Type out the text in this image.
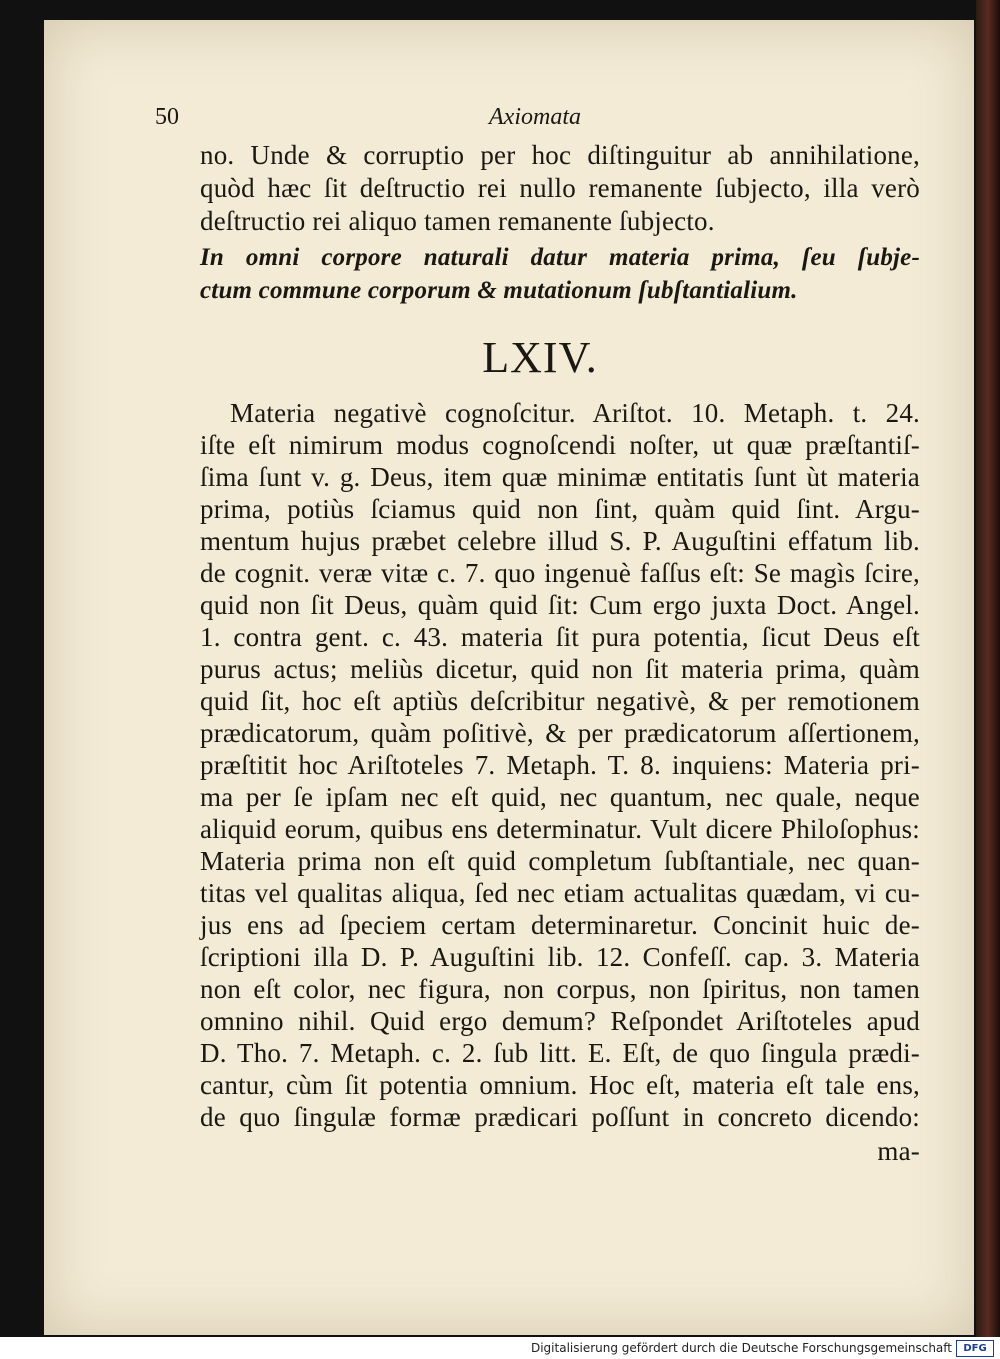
50	Axiomata
no. Unde & corruptio per hoc diſtinguitur ab annihilatione,
quòd hæc ſit deſtructio rei nullo remanente ſubjecto, illa verò
deſtructio rei aliquo tamen remanente ſubjecto.
In omni corpore naturali datur materia prima, ſeu ſubje-
ctum commune corporum & mutationum ſubſtantialium.
LXIV.
Materia negativè cognoſcitur. Ariſtot. 10. Metaph. t. 24.
iſte eſt nimirum modus cognoſcendi noſter, ut quæ præſtantiſ-
ſima ſunt v. g. Deus, item quæ minimæ entitatis ſunt ùt materia
prima, potiùs ſciamus quid non ſint, quàm quid ſint. Argu-
mentum hujus præbet celebre illud S. P. Auguſtini effatum lib.
de cognit. veræ vitæ c. 7. quo ingenuè faſſus eſt: Se magìs ſcire,
quid non ſit Deus, quàm quid ſit: Cum ergo juxta Doct. Angel.
1. contra gent. c. 43. materia ſit pura potentia, ſicut Deus eſt
purus actus; meliùs dicetur, quid non ſit materia prima, quàm
quid ſit, hoc eſt aptiùs deſcribitur negativè, & per remotionem
prædicatorum, quàm poſitivè, & per prædicatorum aſſertionem,
præſtitit hoc Ariſtoteles 7. Metaph. T. 8. inquiens: Materia pri-
ma per ſe ipſam nec eſt quid, nec quantum, nec quale, neque
aliquid eorum, quibus ens determinatur. Vult dicere Philoſophus:
Materia prima non eſt quid completum ſubſtantiale, nec quan-
titas vel qualitas aliqua, ſed nec etiam actualitas quædam, vi cu-
jus ens ad ſpeciem certam determinaretur. Concinit huic de-
ſcriptioni illa D. P. Auguſtini lib. 12. Confeſſ. cap. 3. Materia
non eſt color, nec figura, non corpus, non ſpiritus, non tamen
omnino nihil. Quid ergo demum? Reſpondet Ariſtoteles apud
D. Tho. 7. Metaph. c. 2. ſub litt. E. Eſt, de quo ſingula prædi-
cantur, cùm ſit potentia omnium. Hoc eſt, materia eſt tale ens,
de quo ſingulæ formæ prædicari poſſunt in concreto dicendo:
ma-
Digitalisierung gefördert durch die Deutsche Forschungsgemeinschaft	DFG
